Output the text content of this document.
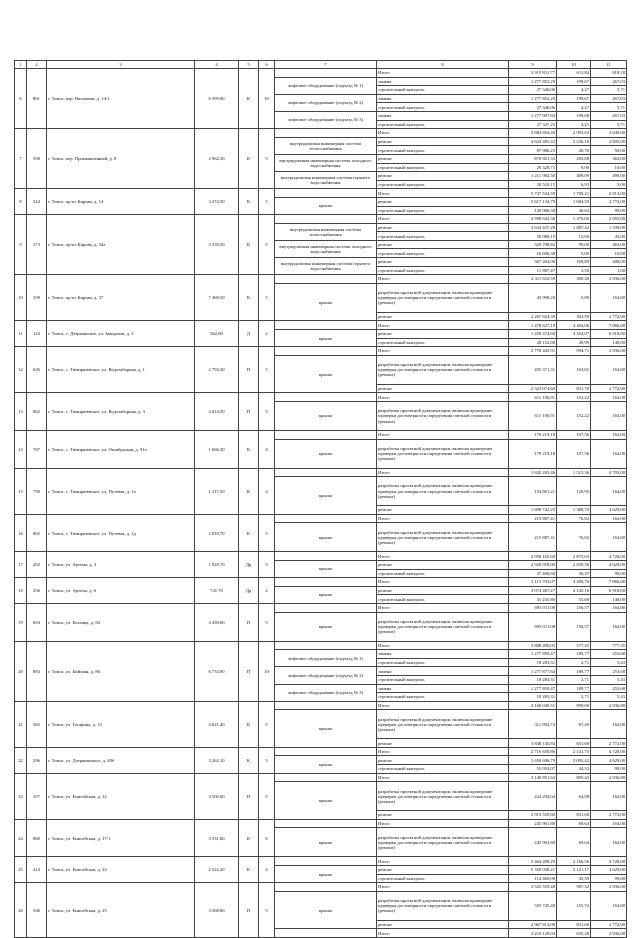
1	2	3	4	5	6	7	8	9	10	11
6	861	г. Томск, пер. Нахимова, д. 14/1	6 399,80	К	10		Итого	3 915 831,77	611,84	818,18
						лифтовое оборудование (подъезд № 1)	замена	1 277 852,29	199,67	267,03
							строительный контроль	27 346,06	4,27	5,71
						лифтовое оборудование (подъезд № 2)	замена	1 277 852,29	199,67	267,03
							строительный контроль	27 346,06	4,27	5,71
						лифтовое оборудование (подъезд № 3)	замена	1 277 907,84	199,68	267,03
							строительный контроль	27 347,25	4,21	5,71
7	598	г. Томск, пер. Промышленный, д. 8	2 962,50	К	5		Итого	3 884 854,40	2 993,63	3 640,00
						внутридомовая инженерная система теплоснабжения	ремонт	4 624 485,42	2 236,18	2 695,00
							строительный контроль	87 986,25	20,70	50,00
						внутридомовая инженерная система холодного водоснабжения	ремонт	870 601,33	293,88	363,00
							строительный контроль	29 328,75	9,90	10,00
						внутридомовая инженерная система горячего водоснабжения	ремонт	1 211 982,50	409,09	499,00
							строительный контроль	20 510,15	6,93	5,00
8	324	г. Томск, пр-кт Кирова, д. 14	3 274,50	К	5		Итого	5 737 544,59	1 709,21	2 813,00
						крыша	ремонт	5 617 134,79	1 684,59	2 772,00
							строительный контроль	120 006,30	36,62	99,00
9	373	г. Томск, пр-кт Кирова, д. 34а	3 339,50	К	5		Итого	4 598 643,36	1 376,03	2 055,00
						внутридомовая инженерная система теплоснабжения	ремонт	3 634 437,28	1 087,42	1 339,00
							строительный контроль	50 089,15	15,00	43,00
						внутридомовая инженерная система холодного водоснабжения	ремонт	329 798,82	99,00	463,00
							строительный контроль	16 696,38	5,00	10,00
						внутридомовая инженерная система горячего водоснабжения	ремонт	567 264,06	169,89	408,00
							строительный контроль	11 887,47	3,50	1,00
10	339	г. Томск, пр-кт Кирова, д. 37	7 469,50	К	5		Итого	2 311 652,59	309,48	2 936,00
						крыша	разработка проектной документации, включая проведение проверки достоверности определения сметной стоимости (ремонт)	43 998,20	5,89	164,00
							ремонт	2 267 654,39	303,59	2 772,00
11	124	г. Томск, с. Дзержинское, ул. Заводская, д. 5	562,80	Д	2		Итого	1 478 627,10	4 404,06	7 066,00
						крыша	ремонт	1 450 474,60	4 354,07	6 918,00
							строительный контроль	28 152,00	49,99	148,00
12	626	г. Томск, с. Тимирязевское, ул. Водозаборная, д. 1	2 793,30	П	5		Итого	2 778 445,91	994,71	2 936,00
						крыша	разработка проектной документации, включая проведение проверки достоверности определения сметной стоимости (ремонт)	455 371,31	163,01	164,00
							ремонт	2 323 074,60	831,70	2 772,00
13	862	г. Томск, с. Тимирязевское, ул. Водозаборная, д. 3	4 014,50	П	5		Итого	611 106,91	152,22	164,00
						крыша	разработка проектной документации, включая проведение проверки достоверности определения сметной стоимости (ремонт)	611 106,91	152,22	164,00
14	767	г. Томск, с. Тимирязевское, ул. Октябрьская, д. 91а	1 666,30	К	4		Итого	179 219,18	107,56	164,00
						крыша	разработка проектной документации, включая проведение проверки достоверности определения сметной стоимости (ремонт)	179 219,18	107,56	164,00
15	759	г. Томск, с. Тимирязевское, ул. Путевая, д. 1а	1 217,50	К	4		Итого	1 845 203,46	1 515,36	4 793,00
						крыша	разработка проектной документации, включая проведение проверки достоверности определения сметной стоимости (ремонт)	154 861,21	120,95	164,00
							ремонт	1 690 742,25	1 388,70	4 629,00
16	865	г. Томск, с. Тимирязевское, ул. Путевая, д. 1д	2 810,70	К	5		Итого	215 887,41	76,82	164,00
						крыша	разработка проектной документации, включая проведение проверки достоверности определения сметной стоимости (ремонт)	215 887,41	76,82	164,00
17	202	г. Томск, ул. Артема, д. 3	1 028,70	Др	3		Итого	2 958 165,60	2 875,63	4 728,00
						крыша	ремонт	2 920 959,00	2 839,36	4 629,00
							строительный контроль	37 406,60	36,37	99,00
18	256	г. Томск, ул. Артема, д. 6	741,70	Др	2		Итого	3 115 703,07	4 200,76	7 066,00
						крыша	ремонт	3 074 467,27	4 145,16	6 918,00
							строительный контроль	41 235,80	55,60	148,00
19	694	г. Томск, ул. Беленца, д. 84	4 439,00	П	5		Итого	695 011,08	156,57	164,00
						крыша	разработка проектной документации, включая проведение проверки достоверности определения сметной стоимости (ремонт)	695 011,08	156,57	164,00
20	883	г. Томск, ул. Бийская, д. 86	6 733,90	П	10		Итого	3 888 490,05	577,45	777,35
						лифтовое оборудование (подъезд № 1)	замена	1 277 859,47	189,77	253,68
							строительный контроль	18 283,31	2,71	5,43
						лифтовое оборудование (подъезд № 2)	замена	1 277 877,64	189,77	253,68
							строительный контроль	18 283,31	2,71	5,43
						лифтовое оборудование (подъезд № 3)	замена	1 277 859,47	189,77	253,68
							строительный контроль	18 283,31	2,71	5,43
21	565	г. Томск, ул. Гагарина, д. 15	4 621,40	К	5		Итого	4 160 040,51	899,00	2 936,00
						крыша	разработка проектной документации, включая проведение проверки достоверности определения сметной стоимости (ремонт)	311 894,74	67,49	164,00
							ремонт	3 848 145,84	831,60	2 772,00
22	296	г. Томск, ул. Дзержинского, д. 40б	3 262,10	К	5		Итого	2 716 650,86	2 141,75	4 728,00
						крыша	ремонт	2 650 696,79	2 095,42	4 629,00
							строительный контроль	55 954,07	44,33	99,00
23	357	г. Томск, ул. Енисейская, д. 12	3 500,00	П	5		Итого	3 140 851,64	895,43	2 936,00
						крыша	разработка проектной документации, включая проведение проверки достоверности определения сметной стоимости (ремонт)	224 294,04	64,08	164,00
							ремонт	2 915 559,80	831,60	2 772,00
24	860	г. Томск, ул. Енисейская, д. 17/1	3 531,60	К	6		Итого	245 901,80	69,64	164,00
						крыша	разработка проектной документации, включая проведение проверки достоверности определения сметной стоимости (ремонт)	245 901,80	69,64	164,00
25	414	г. Томск, ул. Енисейская, д. 24	2 522,20	К	4		Итого	5 464 498,29	2 166,56	4 728,00
						крыша	ремонт	5 350 038,21	2 121,17	4 629,00
							строительный контроль	114 460,08	45,39	99,00
26	546	г. Томск, ул. Енисейская, д. 25	3 568,80	П	5		Итого	3 525 559,48	987,32	2 936,00
						крыша	разработка проектной документации, включая проведение проверки достоверности определения сметной стоимости (ремонт)	555 745,40	155,72	164,00
							ремонт	2 967 814,08	831,60	2 772,00
							Итого	2 210 129,04	635,28	2 936,00
